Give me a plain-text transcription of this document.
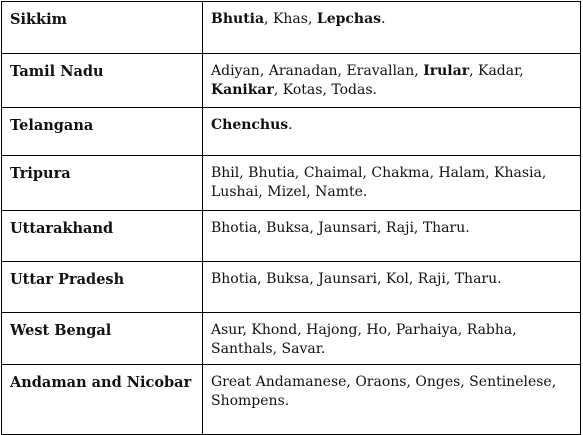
Sikkim	Bhutia, Khas, Lepchas.
Tamil Nadu	Adiyan, Aranadan, Eravallan, Irular, Kadar, Kanikar, Kotas, Todas.
Telangana	Chenchus.
Tripura	Bhil, Bhutia, Chaimal, Chakma, Halam, Khasia, Lushai, Mizel, Namte.
Uttarakhand	Bhotia, Buksa, Jaunsari, Raji, Tharu.
Uttar Pradesh	Bhotia, Buksa, Jaunsari, Kol, Raji, Tharu.
West Bengal	Asur, Khond, Hajong, Ho, Parhaiya, Rabha, Santhals, Savar.
Andaman and Nicobar	Great Andamanese, Oraons, Onges, Sentinelese, Shompens.
